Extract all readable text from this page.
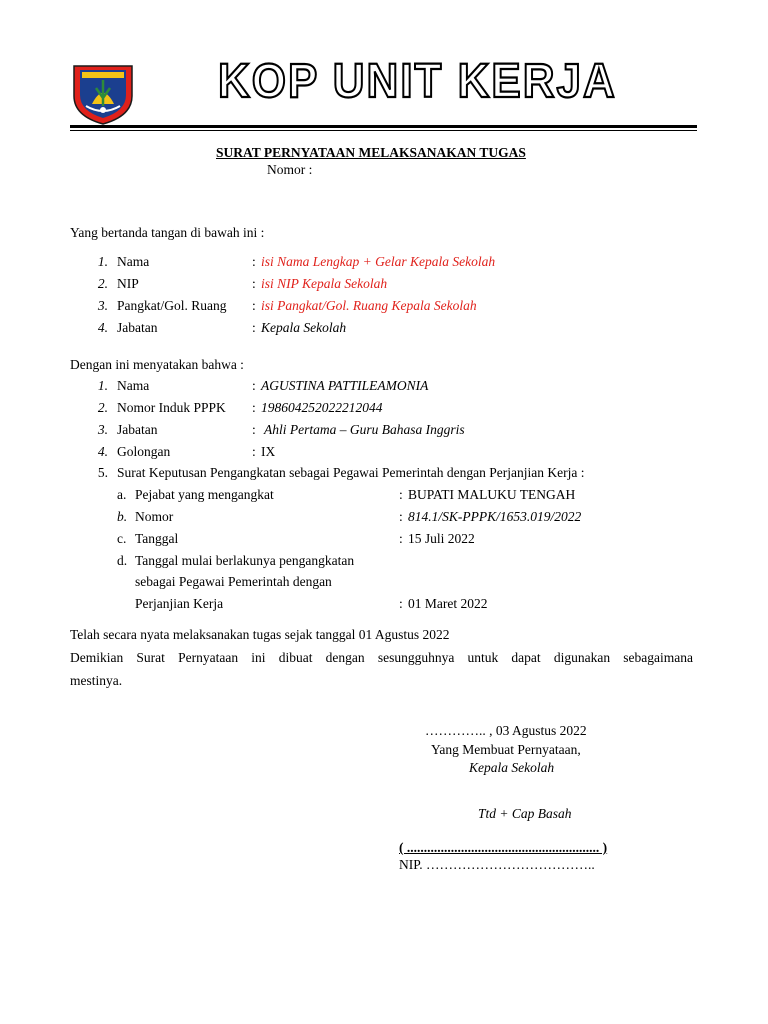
KOP UNIT KERJA
SURAT PERNYATAAN MELAKSANAKAN TUGAS
Nomor :
Yang bertanda tangan di bawah ini :
1. Nama	: isi Nama Lengkap + Gelar Kepala Sekolah
2. NIP	: isi NIP Kepala Sekolah
3. Pangkat/Gol. Ruang : isi Pangkat/Gol. Ruang Kepala Sekolah
4. Jabatan	: Kepala Sekolah
Dengan ini menyatakan bahwa :
1. Nama	: AGUSTINA PATTILEAMONIA
2. Nomor Induk PPPK : 198604252022212044
3. Jabatan	: Ahli Pertama – Guru Bahasa Inggris
4. Golongan	: IX
5. Surat Keputusan Pengangkatan sebagai Pegawai Pemerintah dengan Perjanjian Kerja :
a. Pejabat yang mengangkat	: BUPATI MALUKU TENGAH
b. Nomor	: 814.1/SK-PPPK/1653.019/2022
c. Tanggal	: 15 Juli 2022
d. Tanggal mulai berlakunya pengangkatan
sebagai Pegawai Pemerintah dengan
Perjanjian Kerja	: 01 Maret 2022
Telah secara nyata melaksanakan tugas sejak tanggal 01 Agustus 2022
Demikian Surat Pernyataan ini dibuat dengan sesungguhnya untuk dapat digunakan sebagaimana
mestinya.
………….. , 03 Agustus 2022
Yang Membuat Pernyataan,
Kepala Sekolah
Ttd + Cap Basah
( ......................................................... )
NIP. ………………………………..
